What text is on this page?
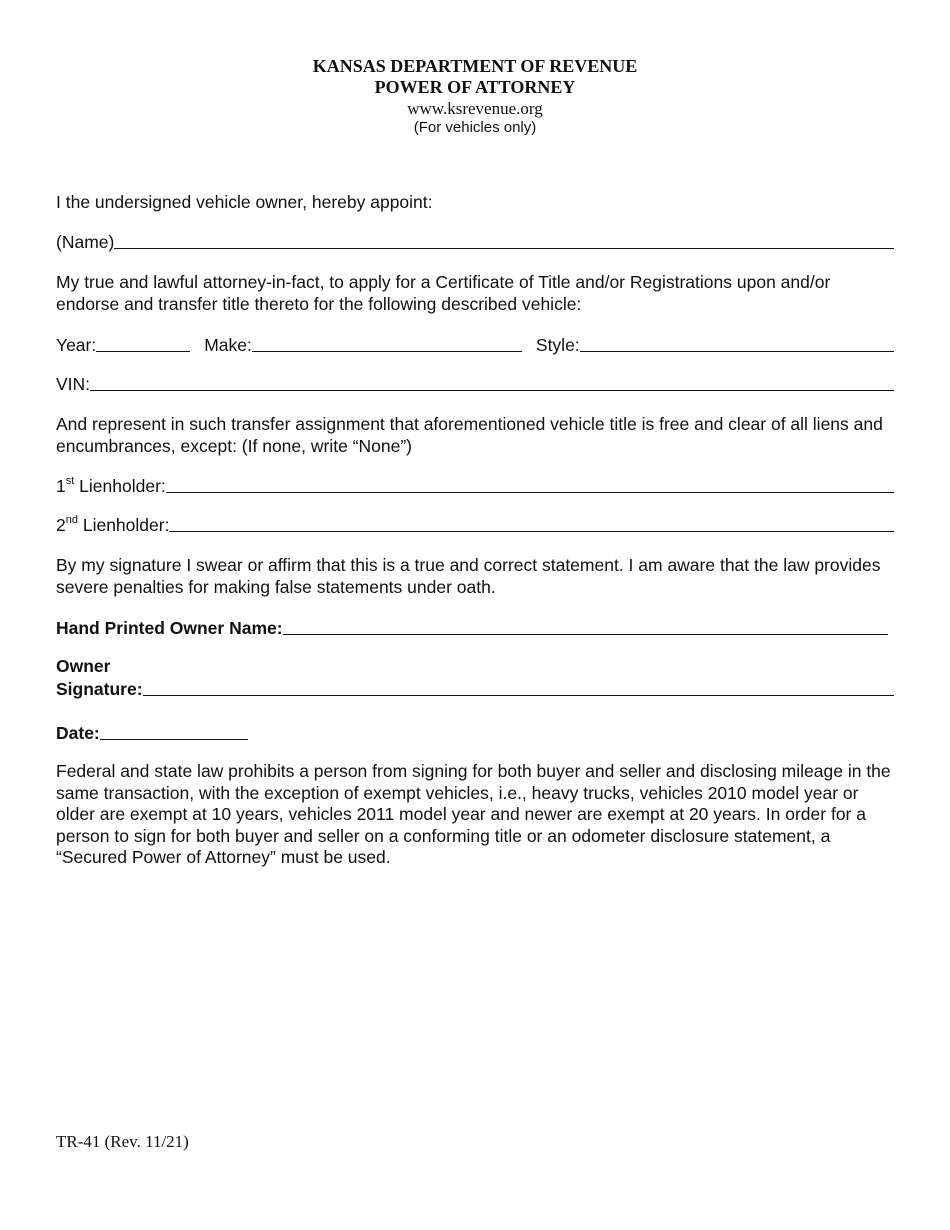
KANSAS DEPARTMENT OF REVENUE
POWER OF ATTORNEY
www.ksrevenue.org
(For vehicles only)
I the undersigned vehicle owner, hereby appoint:
(Name)
My true and lawful attorney-in-fact, to apply for a Certificate of Title and/or Registrations upon and/or endorse and transfer title thereto for the following described vehicle:
Year:	Make:	Style:
VIN:
And represent in such transfer assignment that aforementioned vehicle title is free and clear of all liens and encumbrances, except: (If none, write “None”)
1st Lienholder:
2nd Lienholder:
By my signature I swear or affirm that this is a true and correct statement. I am aware that the law provides severe penalties for making false statements under oath.
Hand Printed Owner Name:
Owner
Signature:
Date:
Federal and state law prohibits a person from signing for both buyer and seller and disclosing mileage in the same transaction, with the exception of exempt vehicles, i.e., heavy trucks, vehicles 2010 model year or older are exempt at 10 years, vehicles 2011 model year and newer are exempt at 20 years. In order for a person to sign for both buyer and seller on a conforming title or an odometer disclosure statement, a “Secured Power of Attorney” must be used.
TR-41 (Rev. 11/21)
